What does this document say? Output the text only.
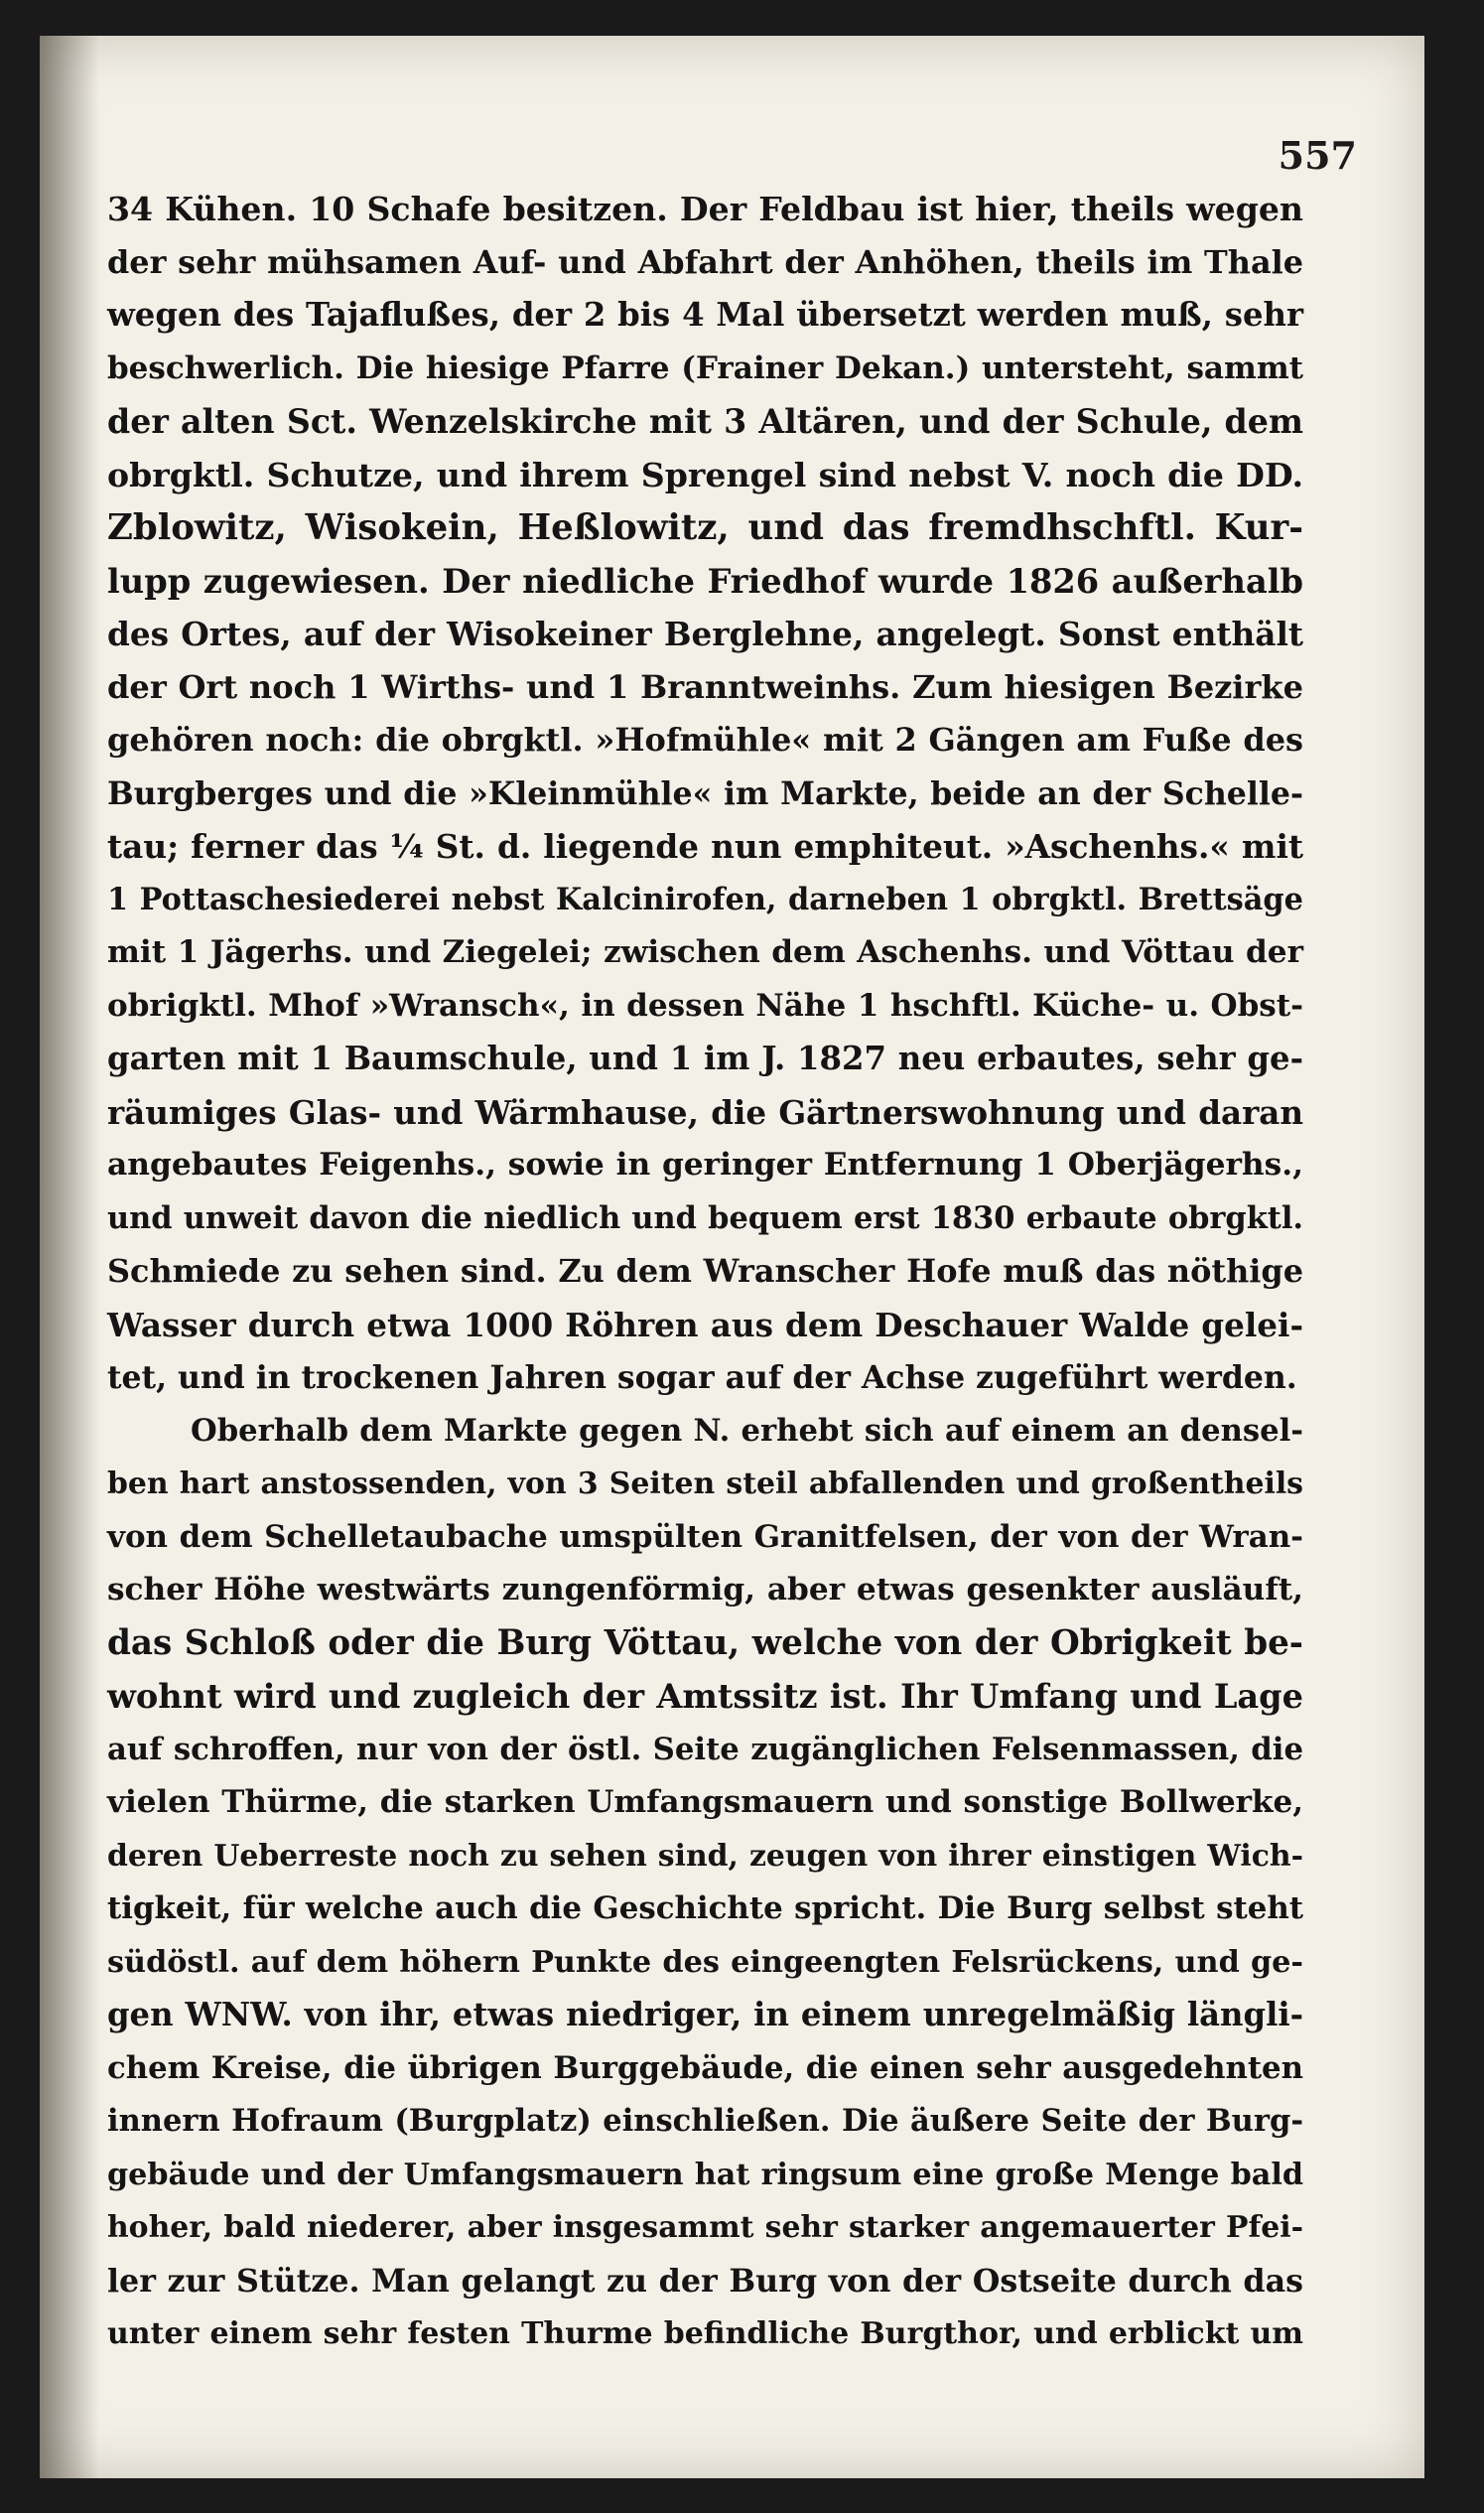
557

34 Kühen. 10 Schafe besitzen. Der Feldbau ist hier, theils wegen

der sehr mühsamen Auf- und Abfahrt der Anhöhen, theils im Thale

wegen des Tajaflußes, der 2 bis 4 Mal übersetzt werden muß, sehr

beschwerlich. Die hiesige Pfarre (Frainer Dekan.) untersteht, sammt

der alten Sct. Wenzelskirche mit 3 Altären, und der Schule, dem

obrgktl. Schutze, und ihrem Sprengel sind nebst V. noch die DD.

Zblowitz, Wisokein, Heßlowitz, und das fremdhschftl. Kur-

lupp zugewiesen. Der niedliche Friedhof wurde 1826 außerhalb

des Ortes, auf der Wisokeiner Berglehne, angelegt. Sonst enthält

der Ort noch 1 Wirths- und 1 Branntweinhs. Zum hiesigen Bezirke

gehören noch: die obrgktl. »Hofmühle« mit 2 Gängen am Fuße des

Burgberges und die »Kleinmühle« im Markte, beide an der Schelle-

tau; ferner das ¼ St. d. liegende nun emphiteut. »Aschenhs.« mit

1 Pottaschesiederei nebst Kalcinirofen, darneben 1 obrgktl. Brettsäge

mit 1 Jägerhs. und Ziegelei; zwischen dem Aschenhs. und Vöttau der

obrigktl. Mhof »Wransch«, in dessen Nähe 1 hschftl. Küche- u. Obst-

garten mit 1 Baumschule, und 1 im J. 1827 neu erbautes, sehr ge-

räumiges Glas- und Wärmhause, die Gärtnerswohnung und daran

angebautes Feigenhs., sowie in geringer Entfernung 1 Oberjägerhs.,

und unweit davon die niedlich und bequem erst 1830 erbaute obrgktl.

Schmiede zu sehen sind. Zu dem Wranscher Hofe muß das nöthige

Wasser durch etwa 1000 Röhren aus dem Deschauer Walde gelei-

tet, und in trockenen Jahren sogar auf der Achse zugeführt werden.

Oberhalb dem Markte gegen N. erhebt sich auf einem an densel-

ben hart anstossenden, von 3 Seiten steil abfallenden und großentheils

von dem Schelletaubache umspülten Granitfelsen, der von der Wran-

scher Höhe westwärts zungenförmig, aber etwas gesenkter ausläuft,

das Schloß oder die Burg Vöttau, welche von der Obrigkeit be-

wohnt wird und zugleich der Amtssitz ist. Ihr Umfang und Lage

auf schroffen, nur von der östl. Seite zugänglichen Felsenmassen, die

vielen Thürme, die starken Umfangsmauern und sonstige Bollwerke,

deren Ueberreste noch zu sehen sind, zeugen von ihrer einstigen Wich-

tigkeit, für welche auch die Geschichte spricht. Die Burg selbst steht

südöstl. auf dem höhern Punkte des eingeengten Felsrückens, und ge-

gen WNW. von ihr, etwas niedriger, in einem unregelmäßig längli-

chem Kreise, die übrigen Burggebäude, die einen sehr ausgedehnten

innern Hofraum (Burgplatz) einschließen. Die äußere Seite der Burg-

gebäude und der Umfangsmauern hat ringsum eine große Menge bald

hoher, bald niederer, aber insgesammt sehr starker angemauerter Pfei-

ler zur Stütze. Man gelangt zu der Burg von der Ostseite durch das

unter einem sehr festen Thurme befindliche Burgthor, und erblickt um
